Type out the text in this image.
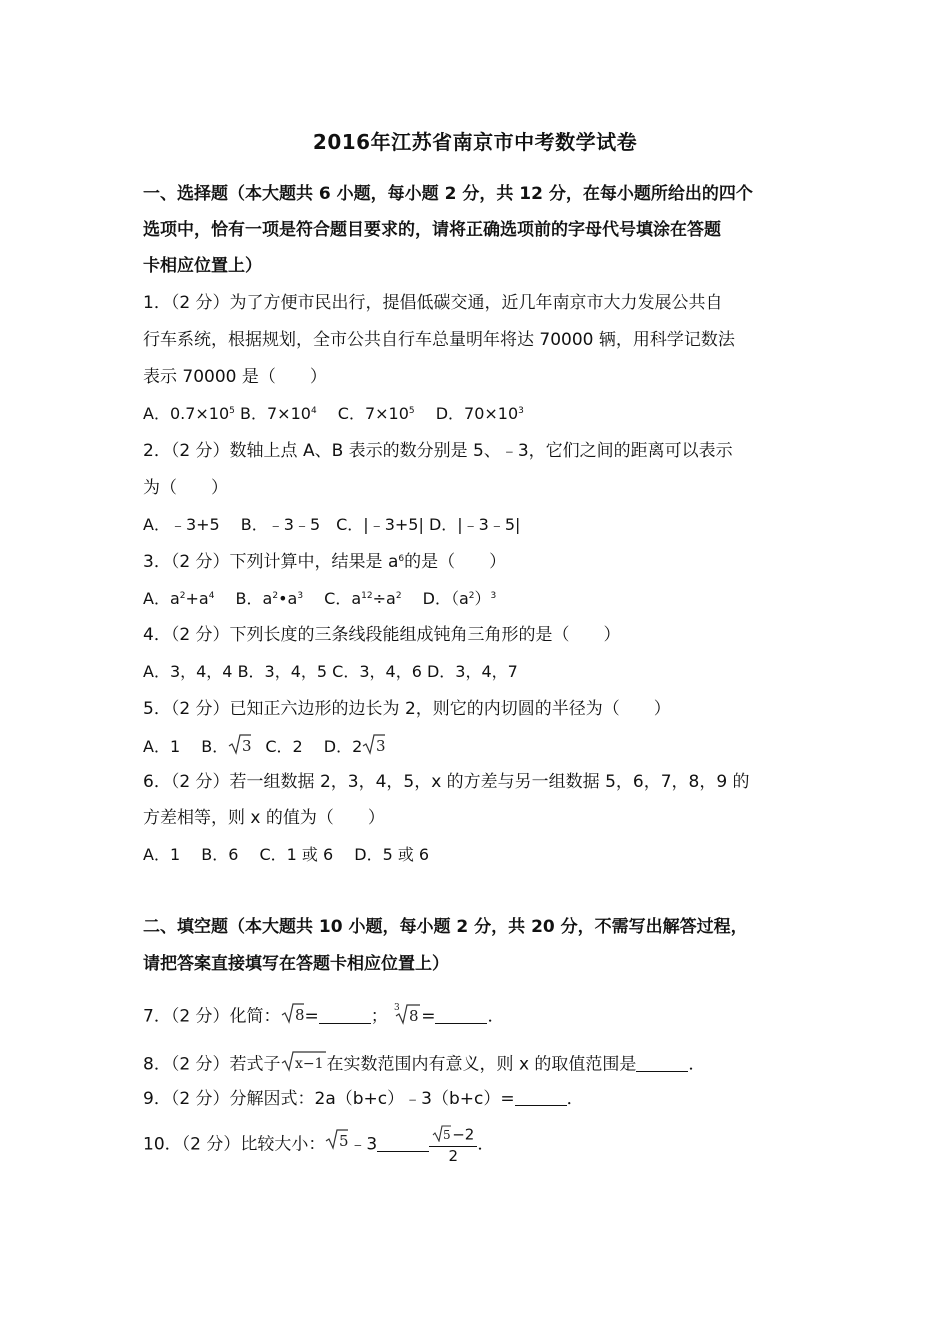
2016年江苏省南京市中考数学试卷
一、选择题（本大题共 6 小题，每小题 2 分，共 12 分，在每小题所给出的四个
选项中，恰有一项是符合题目要求的，请将正确选项前的字母代号填涂在答题
卡相应位置上）
1．（2 分）为了方便市民出行，提倡低碳交通，近几年南京市大力发展公共自
行车系统，根据规划，全市公共自行车总量明年将达 70000 辆，用科学记数法
表示 70000 是（　　）
A．$0.7\times 10^5$ B．$7\times 10^4$　 C．$7\times 10^5$　 D．$70\times 10^3$
2．（2 分）数轴上点 A、B 表示的数分别是 5、﹣3，它们之间的距离可以表示
为（　　）
A．﹣3+5　 B．﹣3﹣5　C．|﹣3+5| D．|﹣3﹣5|
3．（2 分）下列计算中，结果是 $a^6$的是（　　）
A．$a^2+a^4$　 B．$a^2•a^3$　 C．$a^{12}\div a^2$　 D．$(a^2)^3$
4．（2 分）下列长度的三条线段能组成钝角三角形的是（　　）
A．3，4，4 B．3，4，5 C．3，4，6 D．3，4，7
5．（2 分）已知正六边形的边长为 2，则它的内切圆的半径为（　　）
A．1　 B． 3
  C．2　 D．2 3
6．（2 分）若一组数据 2，3，4，5，x 的方差与另一组数据 5，6，7，8，9 的
方差相等，则 x 的值为（　　）
A．1　 B．6　 C．1 或 6　 D．5 或 6
二、填空题（本大题共 10 小题，每小题 2 分，共 20 分，不需写出解答过程，
请把答案直接填写在答题卡相应位置上）
7．（2 分）化简： 8 =	； 3 8 =	．
8．（2 分）若式子 x−1 在实数范围内有意义，则 x 的取值范围是	．
9．（2 分）分解因式：2a（b+c）﹣3（b+c）=	．
10．（2 分）比较大小： 5 ﹣3	$\frac{5 -2}{2}$ ．
